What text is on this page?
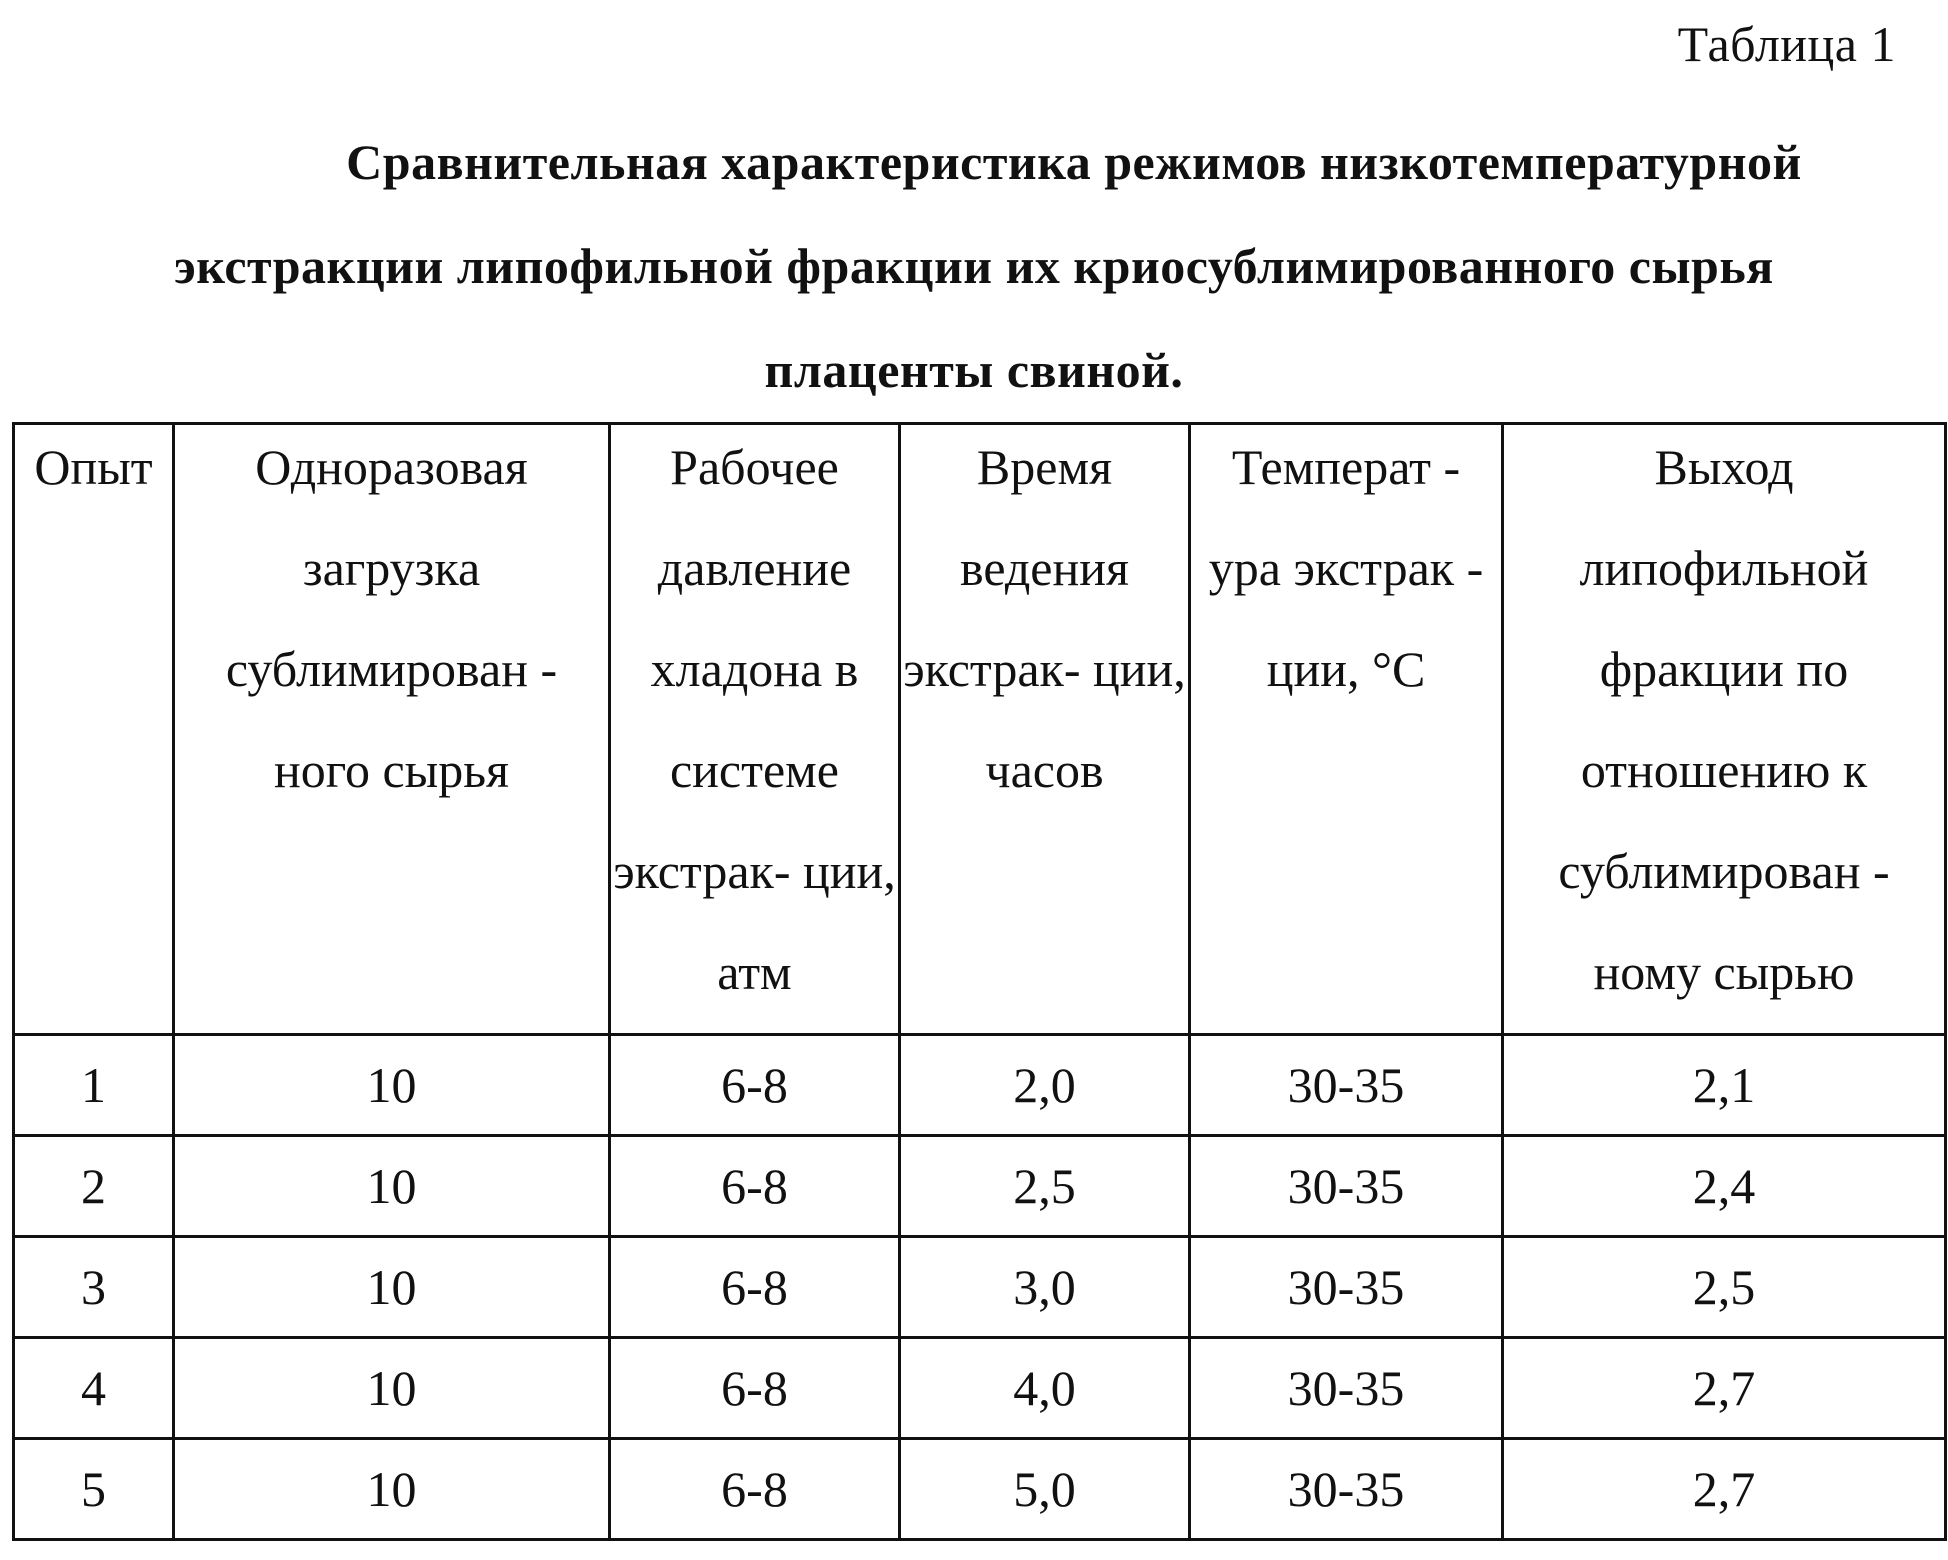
Таблица 1
Сравнительная характеристика режимов низкотемпературной
экстракции липофильной фракции их криосублимированного сырья
плаценты свиной.
Опыт	Одноразовая загрузка сублимирован - ного сырья	Рабочее давление хладона в системе экстрак- ции, атм	Время ведения экстрак- ции, часов	Температ - ура экстрак - ции, °С	Выход липофильной фракции по отношению к сублимирован - ному сырью

1	10	6-8	2,0	30-35	2,1
2	10	6-8	2,5	30-35	2,4
3	10	6-8	3,0	30-35	2,5
4	10	6-8	4,0	30-35	2,7
5	10	6-8	5,0	30-35	2,7
